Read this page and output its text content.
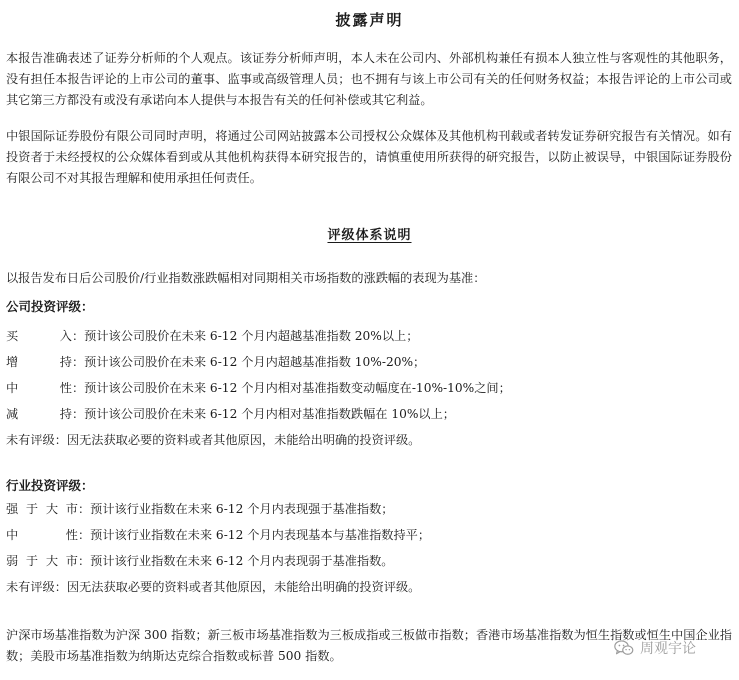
披露声明

本报告准确表述了证券分析师的个人观点。该证券分析师声明，本人未在公司内、外部机构兼任有损本人独立性与客观性的其他职务，没有担任本报告评论的上市公司的董事、监事或高级管理人员；也不拥有与该上市公司有关的任何财务权益；本报告评论的上市公司或其它第三方都没有或没有承诺向本人提供与本报告有关的任何补偿或其它利益。

中银国际证券股份有限公司同时声明，将通过公司网站披露本公司授权公众媒体及其他机构刊载或者转发证券研究报告有关情况。如有投资者于未经授权的公众媒体看到或从其他机构获得本研究报告的，请慎重使用所获得的研究报告，以防止被误导，中银国际证券股份有限公司不对其报告理解和使用承担任何责任。

评级体系说明
以报告发布日后公司股价/行业指数涨跌幅相对同期相关市场指数的涨跌幅的表现为基准：
公司投资评级：
买入 ：预计该公司股价在未来 6-12 个月内超越基准指数 20%以上；
增持 ：预计该公司股价在未来 6-12 个月内超越基准指数 10%-20%；
中性 ：预计该公司股价在未来 6-12 个月内相对基准指数变动幅度在-10%-10%之间；
减持 ：预计该公司股价在未来 6-12 个月内相对基准指数跌幅在 10%以上；
未有评级 ：因无法获取必要的资料或者其他原因，未能给出明确的投资评级。
行业投资评级：
强于大市 ：预计该行业指数在未来 6-12 个月内表现强于基准指数；
中性 ：预计该行业指数在未来 6-12 个月内表现基本与基准指数持平；
弱于大市 ：预计该行业指数在未来 6-12 个月内表现弱于基准指数。
未有评级 ：因无法获取必要的资料或者其他原因，未能给出明确的投资评级。

沪深市场基准指数为沪深 300 指数；新三板市场基准指数为三板成指或三板做市指数；香港市场基准指数为恒生指数或恒生中国企业指数；美股市场基准指数为纳斯达克综合指数或标普 500 指数。	周观宇论
